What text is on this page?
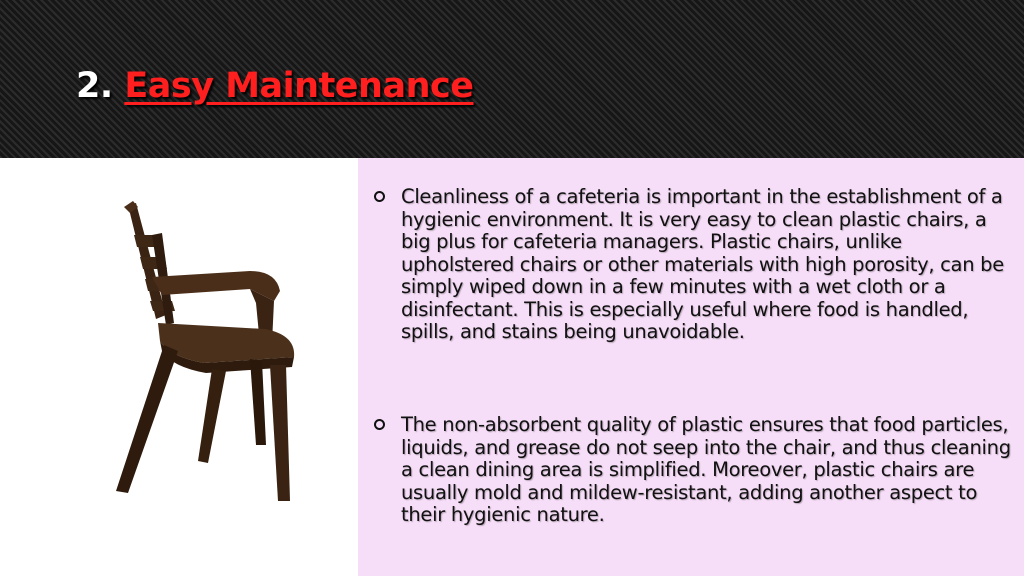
2. Easy Maintenance
Cleanliness of a cafeteria is important in the establishment of a hygienic environment. It is very easy to clean plastic chairs, a big plus for cafeteria managers. Plastic chairs, unlike upholstered chairs or other materials with high porosity, can be simply wiped down in a few minutes with a wet cloth or a disinfectant. This is especially useful where food is handled, spills, and stains being unavoidable.
The non-absorbent quality of plastic ensures that food particles, liquids, and grease do not seep into the chair, and thus cleaning a clean dining area is simplified. Moreover, plastic chairs are usually mold and mildew-resistant, adding another aspect to their hygienic nature.
